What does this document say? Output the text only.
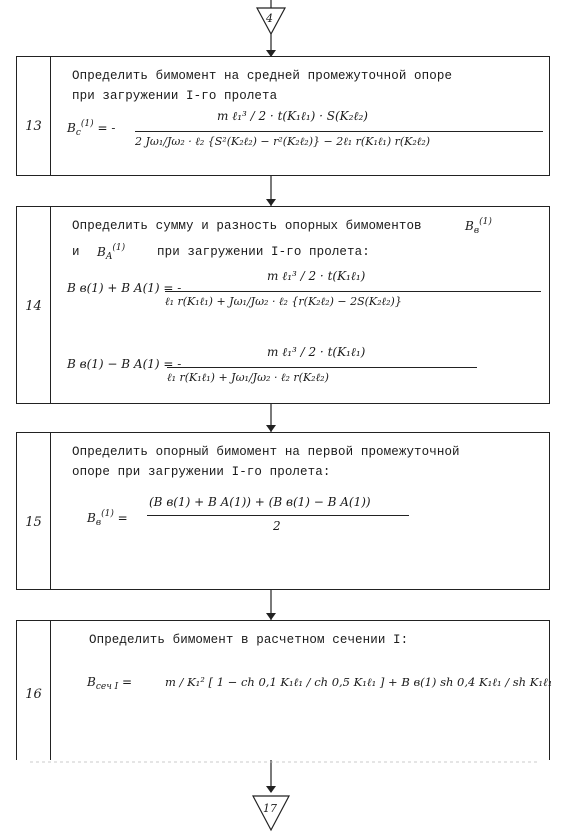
4
17
13
Определить бимомент на средней промежуточной опоре
при загружении I-го пролета
$B_c^{(1)}$ = -
m ℓ₁³ / 2 · t(K₁ℓ₁) · S(K₂ℓ₂)
2 Jω₁/Jω₂ · ℓ₂ {S²(K₂ℓ₂) − r²(K₂ℓ₂)} − 2ℓ₁ r(K₁ℓ₁) r(K₂ℓ₂)
14
Определить сумму и разность опорных бимоментов	$B_в^{(1)}$
и $B_A^{(1)}$	при загружении I-го пролета:
B в(1) + B A(1) = -
m ℓ₁³ / 2 · t(K₁ℓ₁)
ℓ₁ r(K₁ℓ₁) + Jω₁/Jω₂ · ℓ₂ {r(K₂ℓ₂) − 2S(K₂ℓ₂)}
B в(1) − B A(1) = -
m ℓ₁³ / 2 · t(K₁ℓ₁)
ℓ₁ r(K₁ℓ₁) + Jω₁/Jω₂ · ℓ₂ r(K₂ℓ₂)
15
Определить опорный бимомент на первой промежуточной
опоре при загружении I-го пролета:
$B_в^{(1)}$ =
(B в(1) + B A(1)) + (B в(1) − B A(1))
2
16
Определить бимомент в расчетном сечении I:
$B_{сеч I}$ =	m / K₁² [ 1 − ch 0,1 K₁ℓ₁ / ch 0,5 K₁ℓ₁ ] + B в(1) sh 0,4 K₁ℓ₁ / sh K₁ℓ₁
